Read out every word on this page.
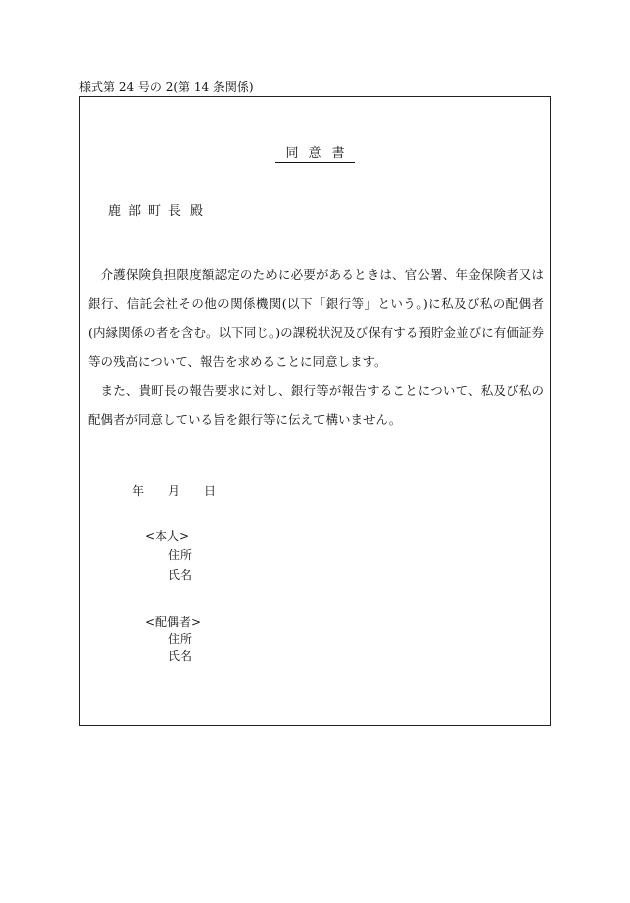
様式第 24 号の 2(第 14 条関係)
同意書
鹿部町長 殿

介護保険負担限度額認定のために必要があるときは、官公署、年金保険者又は銀行、信託会社その他の関係機関(以下「銀行等」という。)に私及び私の配偶者(内縁関係の者を含む。以下同じ。)の課税状況及び保有する預貯金並びに有価証券等の残高について、報告を求めることに同意します。

また、貴町長の報告要求に対し、銀行等が報告することについて、私及び私の配偶者が同意している旨を銀行等に伝えて構いません。

年 月 日
<本人>
住所
氏名
<配偶者>
住所
氏名
